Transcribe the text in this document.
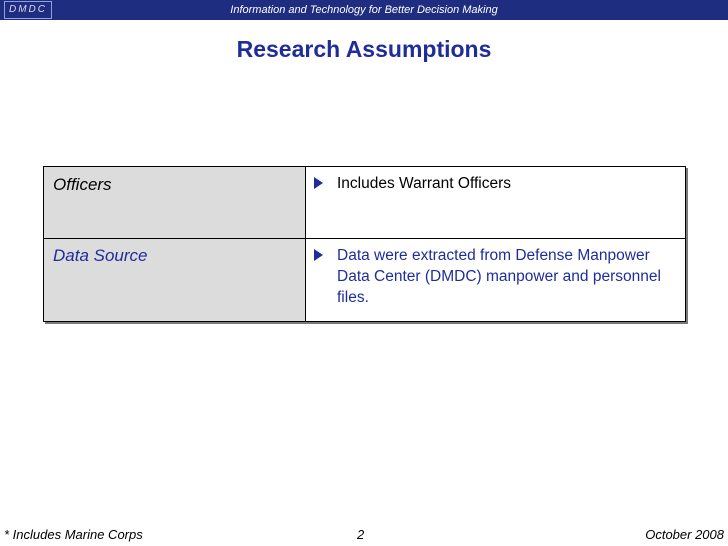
DMDC	Information and Technology for Better Decision Making
Research Assumptions
Officers	Includes Warrant Officers
Data Source	Data were extracted from Defense Manpower Data Center (DMDC) manpower and personnel files.
* Includes Marine Corps	2	October 2008
